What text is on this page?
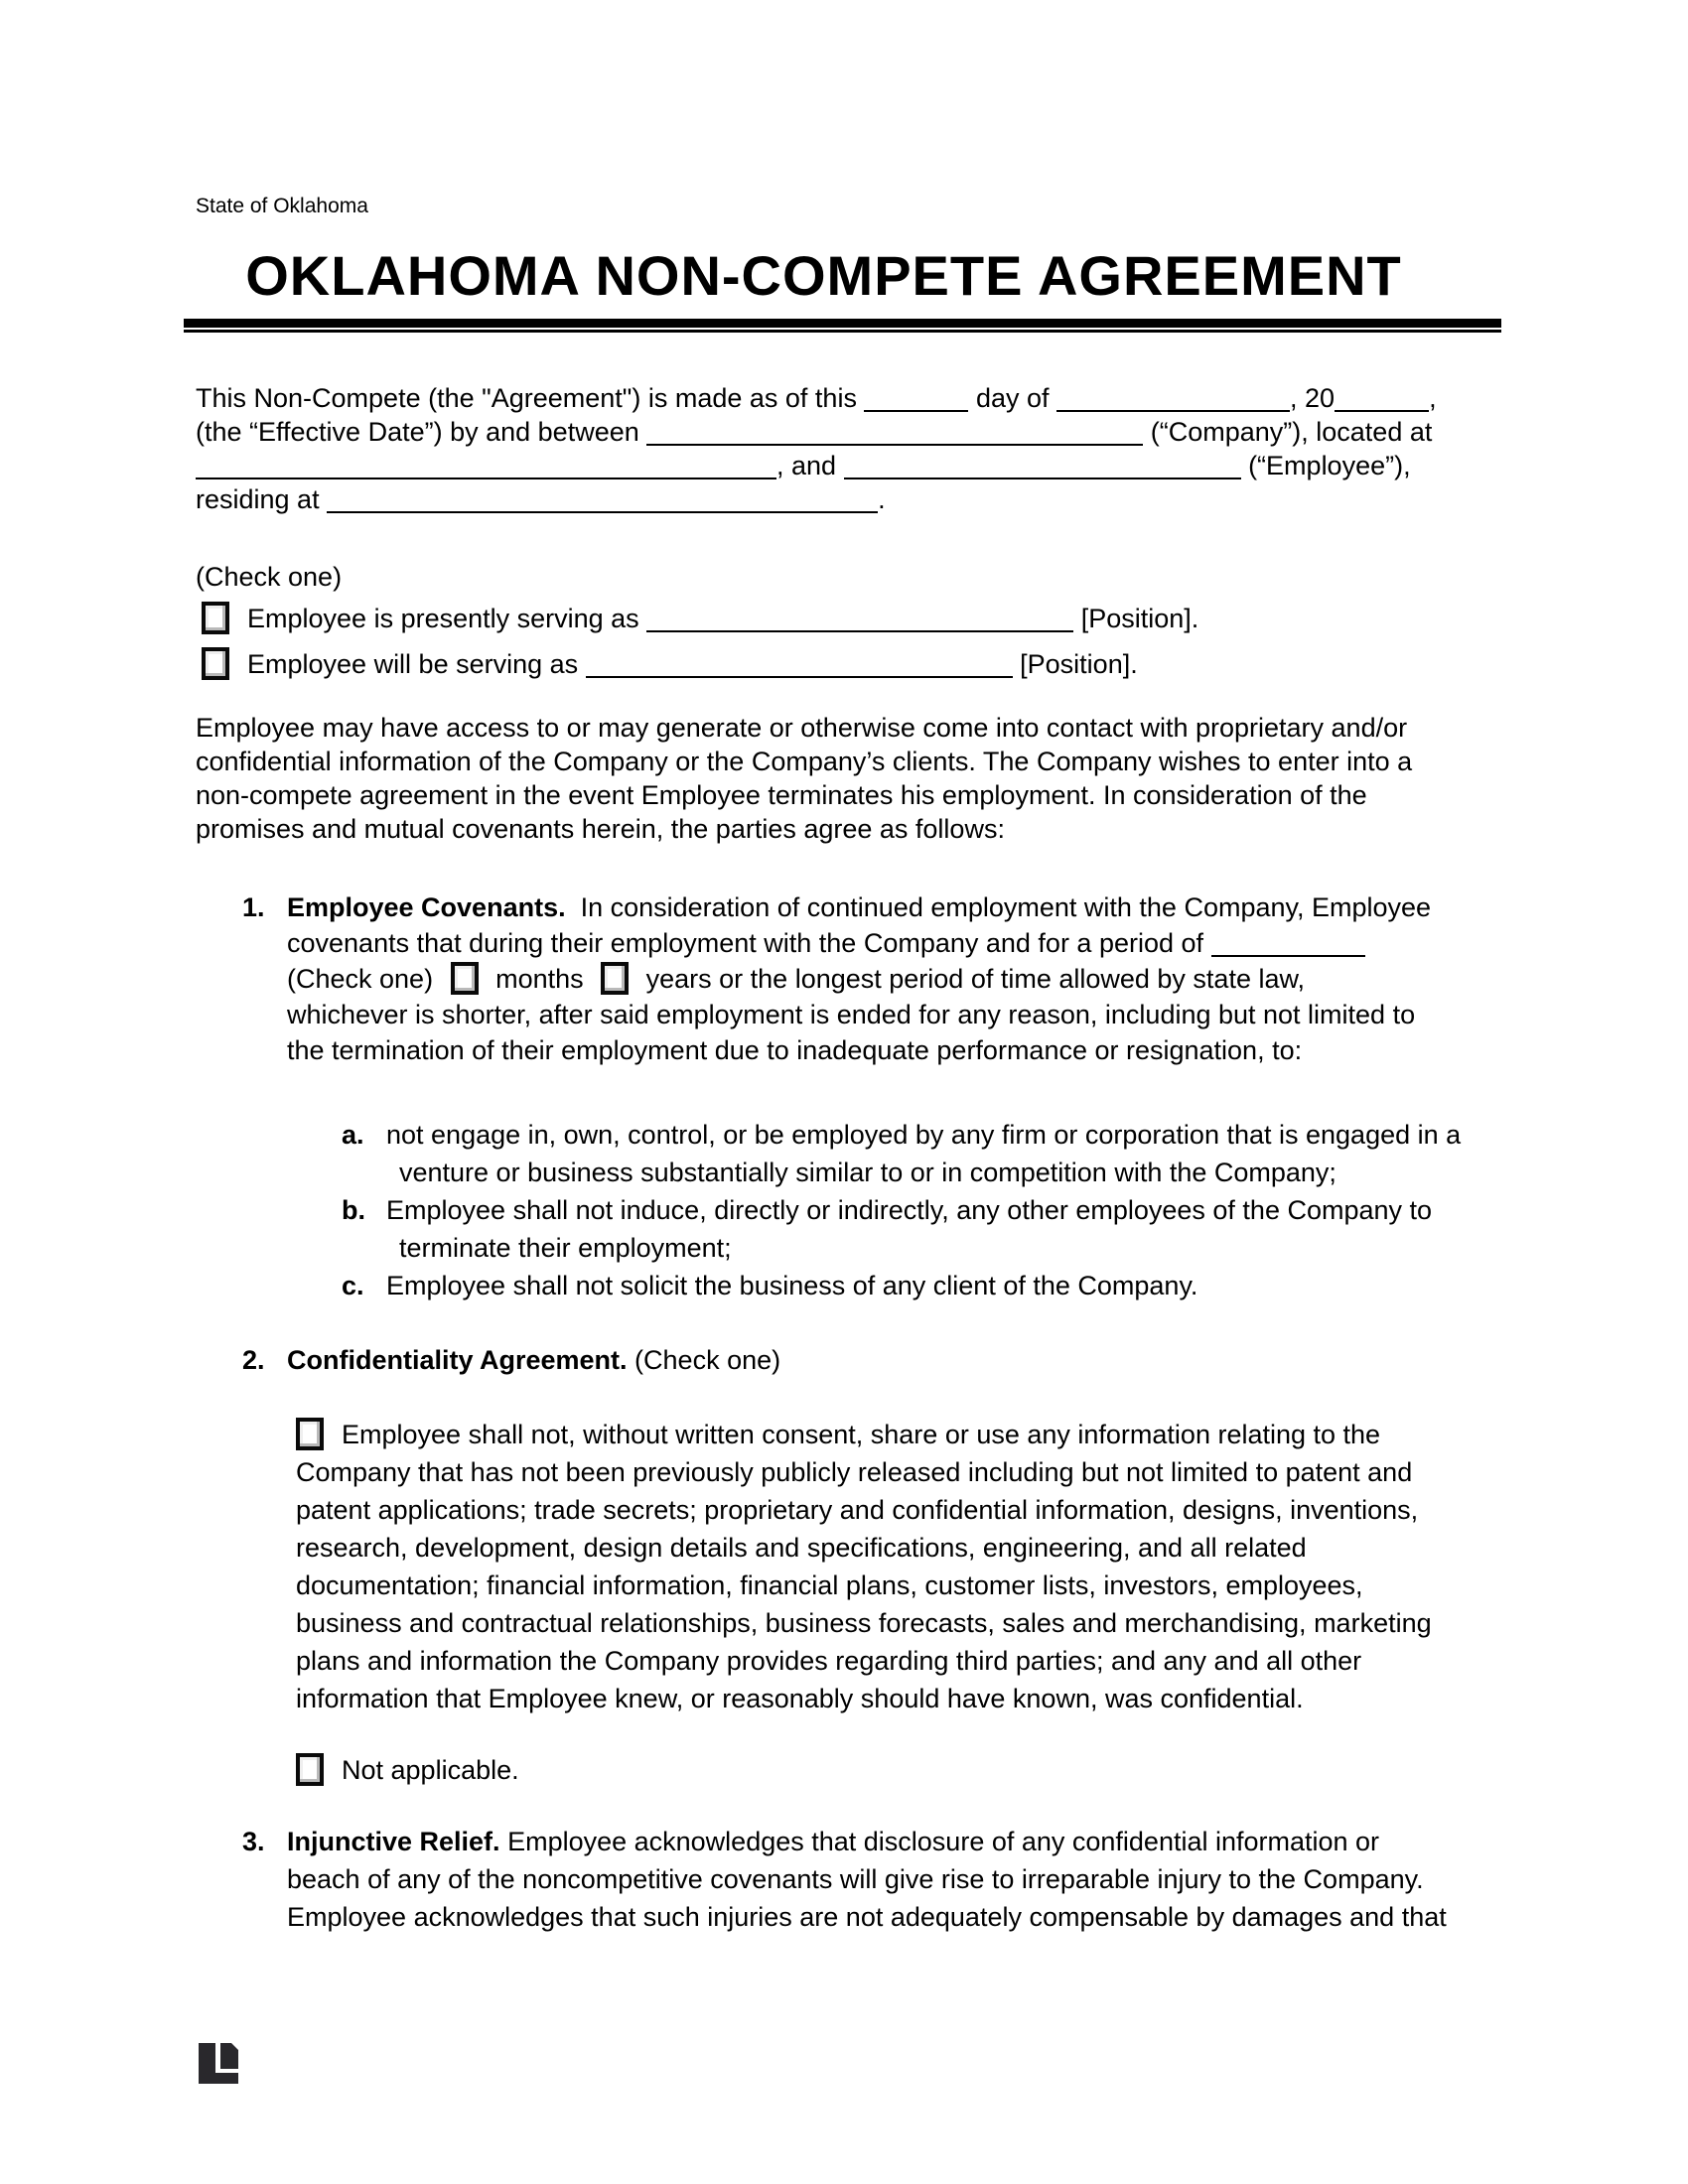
State of Oklahoma
OKLAHOMA NON-COMPETE AGREEMENT
This Non-Compete (the "Agreement") is made as of this	day of	, 20	,
(the “Effective Date”) by and between	(“Company”), located at
, and	(“Employee”),
residing at	.
(Check one)
Employee is presently serving as	[Position].
Employee will be serving as	[Position].
Employee may have access to or may generate or otherwise come into contact with proprietary and/or
confidential information of the Company or the Company’s clients. The Company wishes to enter into a
non-compete agreement in the event Employee terminates his employment. In consideration of the
promises and mutual covenants herein, the parties agree as follows:
1. Employee Covenants.  In consideration of continued employment with the Company, Employee
covenants that during their employment with the Company and for a period of
(Check one)  months  years or the longest period of time allowed by state law,
whichever is shorter, after said employment is ended for any reason, including but not limited to
the termination of their employment due to inadequate performance or resignation, to:
a. not engage in, own, control, or be employed by any firm or corporation that is engaged in a
venture or business substantially similar to or in competition with the Company;
b. Employee shall not induce, directly or indirectly, any other employees of the Company to
terminate their employment;
c. Employee shall not solicit the business of any client of the Company.
2. Confidentiality Agreement. (Check one)
Employee shall not, without written consent, share or use any information relating to the
Company that has not been previously publicly released including but not limited to patent and
patent applications; trade secrets; proprietary and confidential information, designs, inventions,
research, development, design details and specifications, engineering, and all related
documentation; financial information, financial plans, customer lists, investors, employees,
business and contractual relationships, business forecasts, sales and merchandising, marketing
plans and information the Company provides regarding third parties; and any and all other
information that Employee knew, or reasonably should have known, was confidential.
Not applicable.
3. Injunctive Relief. Employee acknowledges that disclosure of any confidential information or
beach of any of the noncompetitive covenants will give rise to irreparable injury to the Company.
Employee acknowledges that such injuries are not adequately compensable by damages and that
